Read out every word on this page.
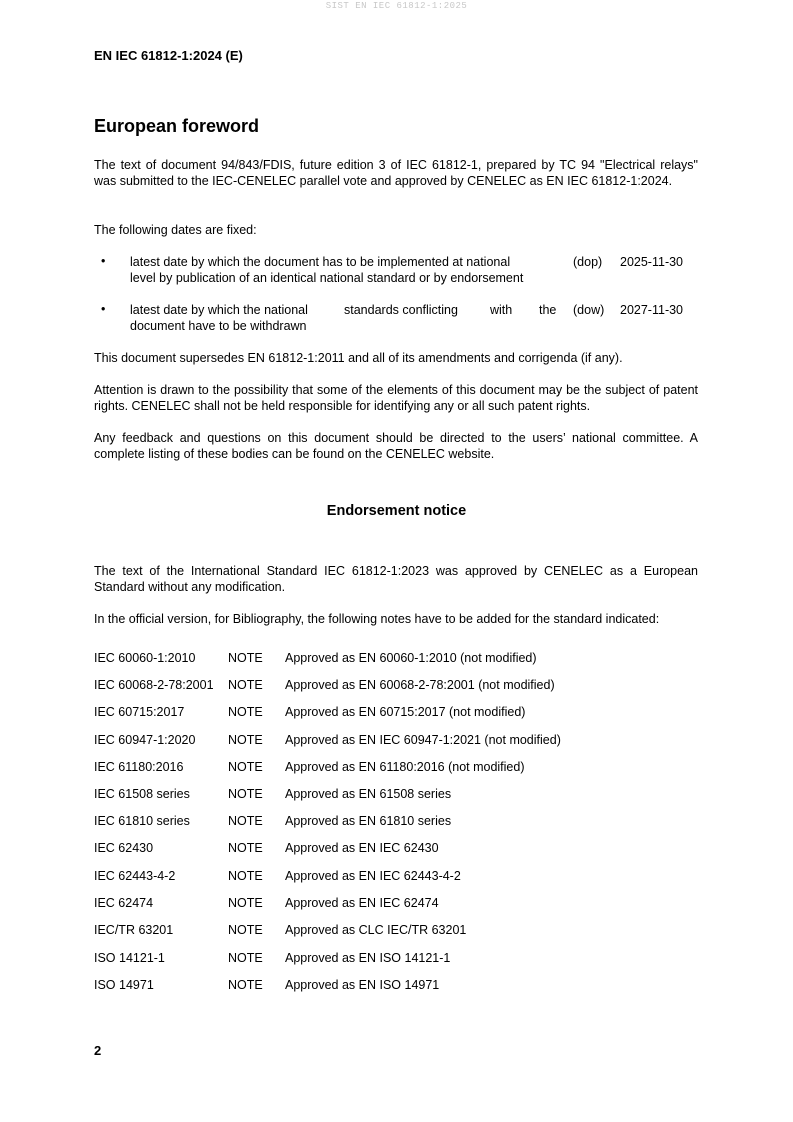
SIST EN IEC 61812-1:2025
EN IEC 61812-1:2024 (E)
European foreword
The text of document 94/843/FDIS, future edition 3 of IEC 61812-1, prepared by TC 94 "Electrical relays" was submitted to the IEC-CENELEC parallel vote and approved by CENELEC as EN IEC 61812-1:2024.
The following dates are fixed:
• latest date by which the document has to be implemented at national	(dop) 2025-11-30
level by publication of an identical national standard or by endorsement
• latest date by which the national	standards conflicting	with the (dow) 2027-11-30
document have to be withdrawn
This document supersedes EN 61812-1:2011 and all of its amendments and corrigenda (if any).
Attention is drawn to the possibility that some of the elements of this document may be the subject of patent rights. CENELEC shall not be held responsible for identifying any or all such patent rights.
Any feedback and questions on this document should be directed to the users’ national committee. A complete listing of these bodies can be found on the CENELEC website.
Endorsement notice
The text of the International Standard IEC 61812-1:2023 was approved by CENELEC as a European Standard without any modification.
In the official version, for Bibliography, the following notes have to be added for the standard indicated:
IEC 60060-1:2010	NOTE Approved as EN 60060-1:2010 (not modified)
IEC 60068-2-78:2001 NOTE Approved as EN 60068-2-78:2001 (not modified)
IEC 60715:2017	NOTE Approved as EN 60715:2017 (not modified)
IEC 60947-1:2020	NOTE Approved as EN IEC 60947-1:2021 (not modified)
IEC 61180:2016	NOTE Approved as EN 61180:2016 (not modified)
IEC 61508 series	NOTE Approved as EN 61508 series
IEC 61810 series	NOTE Approved as EN 61810 series
IEC 62430	NOTE Approved as EN IEC 62430
IEC 62443-4-2	NOTE Approved as EN IEC 62443-4-2
IEC 62474	NOTE Approved as EN IEC 62474
IEC/TR 63201	NOTE Approved as CLC IEC/TR 63201
ISO 14121-1	NOTE Approved as EN ISO 14121-1
ISO 14971	NOTE Approved as EN ISO 14971
2
